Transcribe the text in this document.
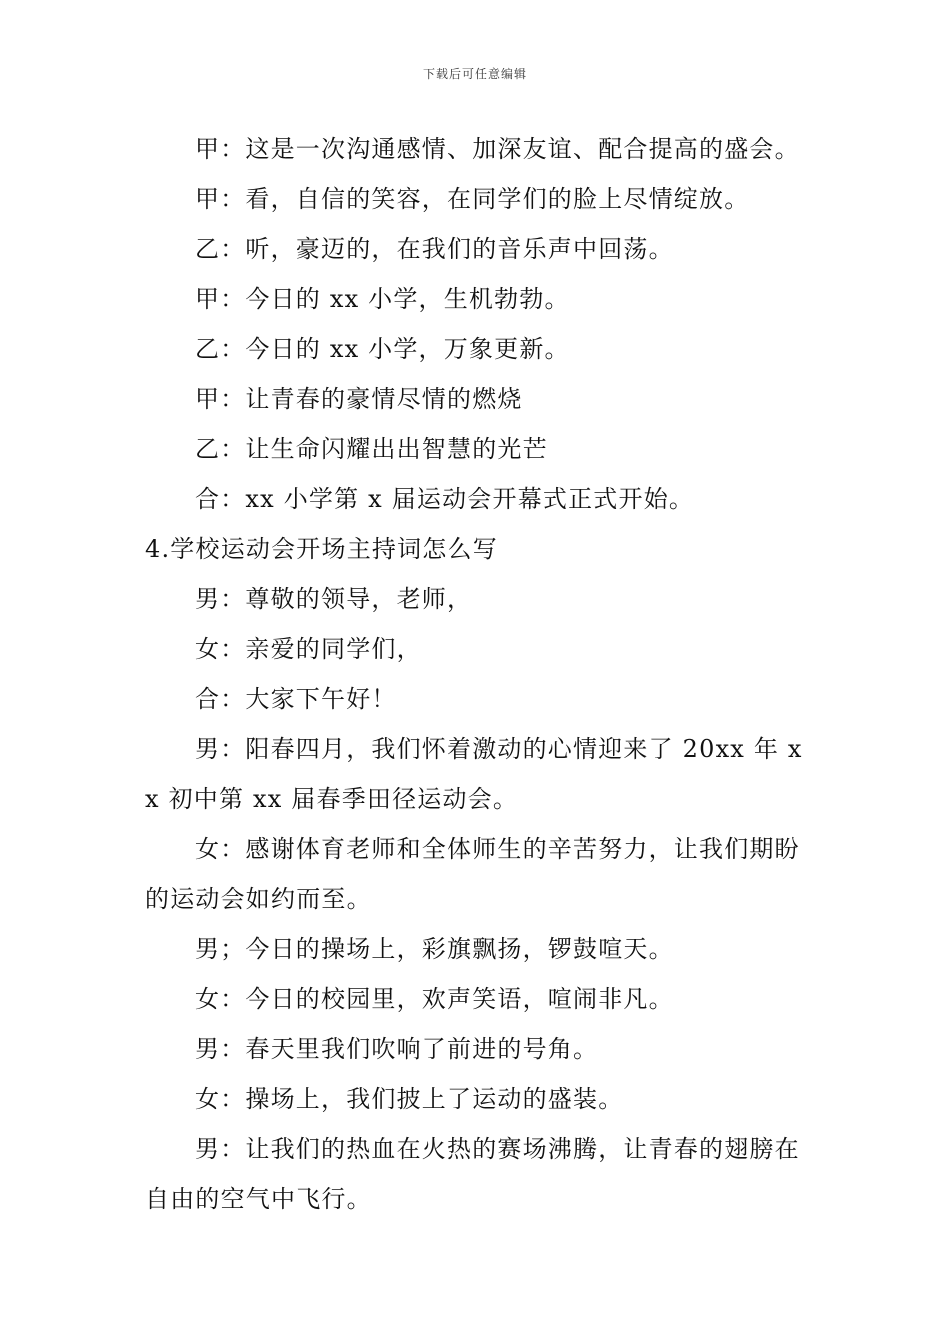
下载后可任意编辑
甲：这是一次沟通感情、加深友谊、配合提高的盛会。
甲：看，自信的笑容，在同学们的脸上尽情绽放。
乙：听，豪迈的，在我们的音乐声中回荡。
甲：今日的 xx 小学，生机勃勃。
乙：今日的 xx 小学，万象更新。
甲：让青春的豪情尽情的燃烧
乙：让生命闪耀出出智慧的光芒
合：xx 小学第 x 届运动会开幕式正式开始。
4.学校运动会开场主持词怎么写
男：尊敬的领导，老师，
女：亲爱的同学们，
合：大家下午好！
男：阳春四月，我们怀着激动的心情迎来了 20xx 年 xx 初中第 xx 届春季田径运动会。
女：感谢体育老师和全体师生的辛苦努力，让我们期盼的运动会如约而至。
男；今日的操场上，彩旗飘扬，锣鼓喧天。
女：今日的校园里，欢声笑语，喧闹非凡。
男：春天里我们吹响了前进的号角。
女：操场上，我们披上了运动的盛装。
男：让我们的热血在火热的赛场沸腾，让青春的翅膀在自由的空气中飞行。
